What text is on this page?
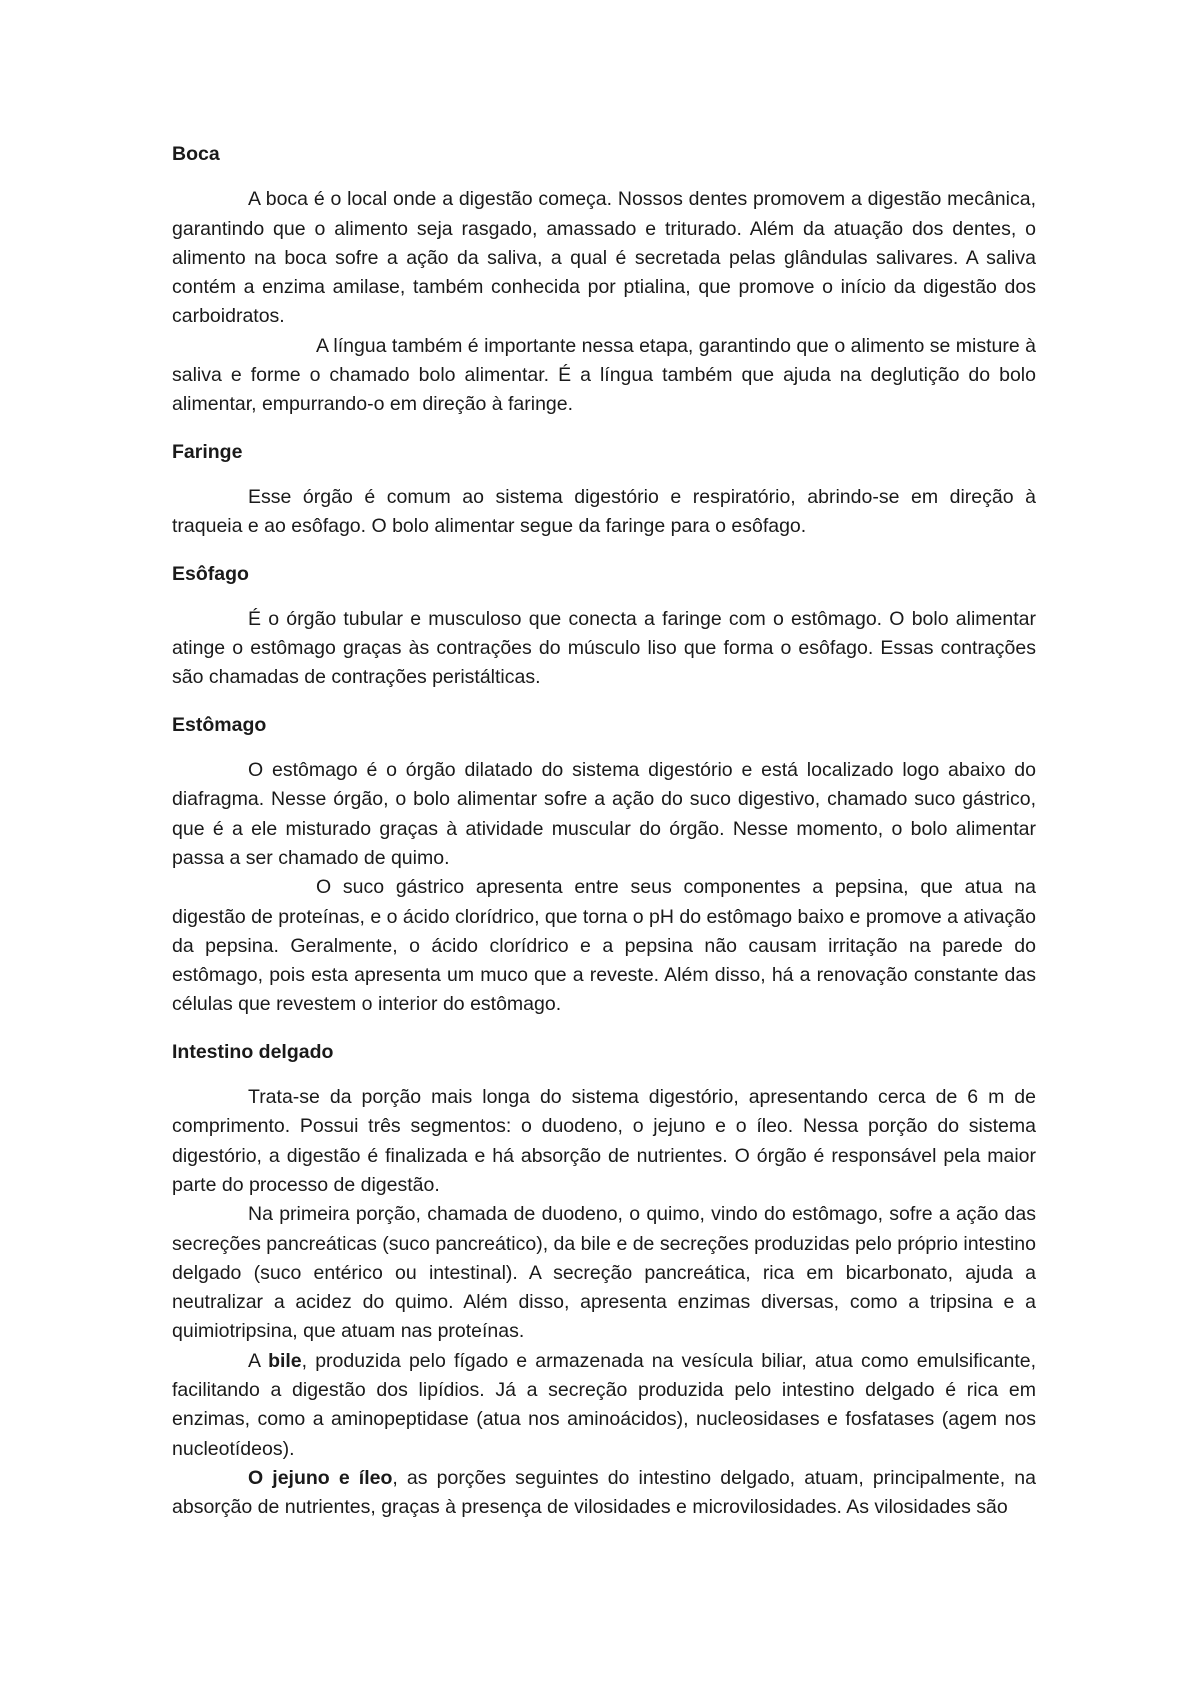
Boca

A boca é o local onde a digestão começa. Nossos dentes promovem a digestão mecânica, garantindo que o alimento seja rasgado, amassado e triturado. Além da atuação dos dentes, o alimento na boca sofre a ação da saliva, a qual é secretada pelas glândulas salivares. A saliva contém a enzima amilase, também conhecida por ptialina, que promove o início da digestão dos carboidratos.

A língua também é importante nessa etapa, garantindo que o alimento se misture à saliva e forme o chamado bolo alimentar. É a língua também que ajuda na deglutição do bolo alimentar, empurrando-o em direção à faringe.

Faringe

Esse órgão é comum ao sistema digestório e respiratório, abrindo-se em direção à traqueia e ao esôfago. O bolo alimentar segue da faringe para o esôfago.

Esôfago

É o órgão tubular e musculoso que conecta a faringe com o estômago. O bolo alimentar atinge o estômago graças às contrações do músculo liso que forma o esôfago. Essas contrações são chamadas de contrações peristálticas.

Estômago

O estômago é o órgão dilatado do sistema digestório e está localizado logo abaixo do diafragma. Nesse órgão, o bolo alimentar sofre a ação do suco digestivo, chamado suco gástrico, que é a ele misturado graças à atividade muscular do órgão. Nesse momento, o bolo alimentar passa a ser chamado de quimo.

O suco gástrico apresenta entre seus componentes a pepsina, que atua na digestão de proteínas, e o ácido clorídrico, que torna o pH do estômago baixo e promove a ativação da pepsina. Geralmente, o ácido clorídrico e a pepsina não causam irritação na parede do estômago, pois esta apresenta um muco que a reveste. Além disso, há a renovação constante das células que revestem o interior do estômago.

Intestino delgado

Trata-se da porção mais longa do sistema digestório, apresentando cerca de 6 m de comprimento. Possui três segmentos: o duodeno, o jejuno e o íleo. Nessa porção do sistema digestório, a digestão é finalizada e há absorção de nutrientes. O órgão é responsável pela maior parte do processo de digestão.

Na primeira porção, chamada de duodeno, o quimo, vindo do estômago, sofre a ação das secreções pancreáticas (suco pancreático), da bile e de secreções produzidas pelo próprio intestino delgado (suco entérico ou intestinal). A secreção pancreática, rica em bicarbonato, ajuda a neutralizar a acidez do quimo. Além disso, apresenta enzimas diversas, como a tripsina e a quimiotripsina, que atuam nas proteínas.

A bile, produzida pelo fígado e armazenada na vesícula biliar, atua como emulsificante, facilitando a digestão dos lipídios. Já a secreção produzida pelo intestino delgado é rica em enzimas, como a aminopeptidase (atua nos aminoácidos), nucleosidases e fosfatases (agem nos nucleotídeos).

O jejuno e íleo, as porções seguintes do intestino delgado, atuam, principalmente, na absorção de nutrientes, graças à presença de vilosidades e microvilosidades. As vilosidades são
